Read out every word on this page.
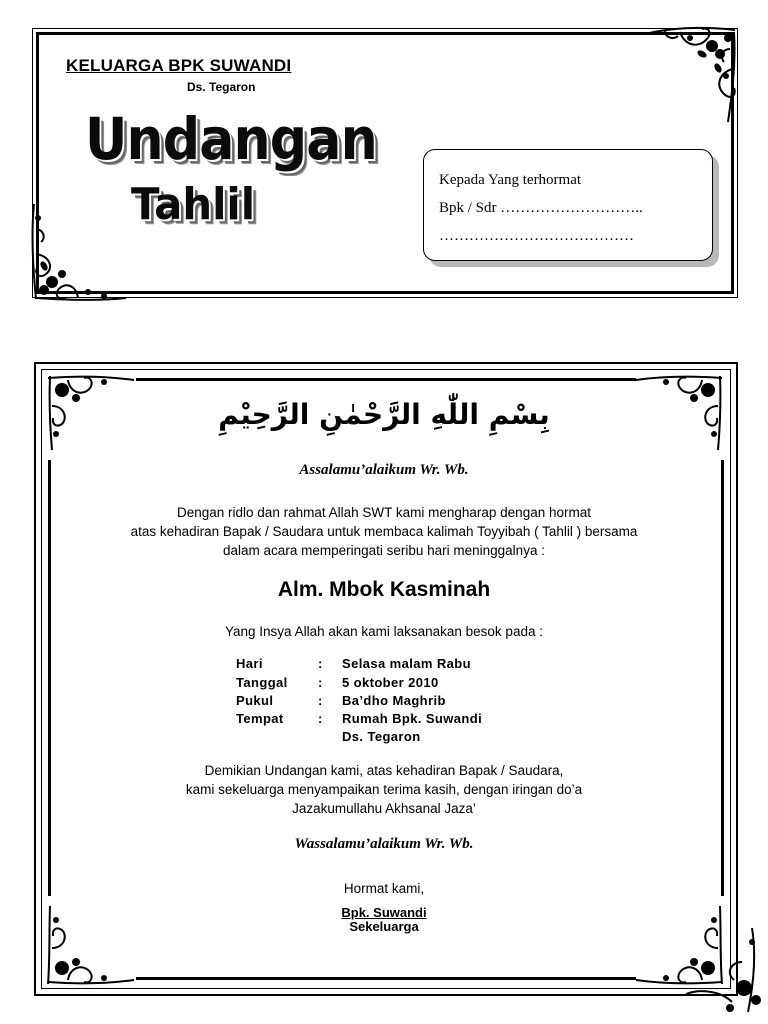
KELUARGA BPK SUWANDI
Ds. Tegaron
Undangan
Tahlil	Kepada Yang terhormat
Bpk / Sdr ………………………..
…………………………………
بِسْمِ اللّٰهِ الرَّحْمٰنِ الرَّحِيْمِ
Assalamu’alaikum Wr. Wb.
Dengan ridlo dan rahmat Allah SWT kami mengharap dengan hormat
atas kehadiran Bapak / Saudara untuk membaca kalimah Toyyibah ( Tahlil ) bersama
dalam acara memperingati seribu hari meninggalnya :
Alm. Mbok Kasminah
Yang Insya Allah akan kami laksanakan besok pada :
Hari	: Selasa malam Rabu
Tanggal : 5 oktober 2010
Pukul	: Ba’dho Maghrib
Tempat	: Rumah Bpk. Suwandi
Ds. Tegaron
Demikian Undangan kami, atas kehadiran Bapak / Saudara,
kami sekeluarga menyampaikan terima kasih, dengan iringan do’a
Jazakumullahu Akhsanal Jaza’
Wassalamu’alaikum Wr. Wb.
Hormat kami,
Bpk. Suwandi
Sekeluarga
